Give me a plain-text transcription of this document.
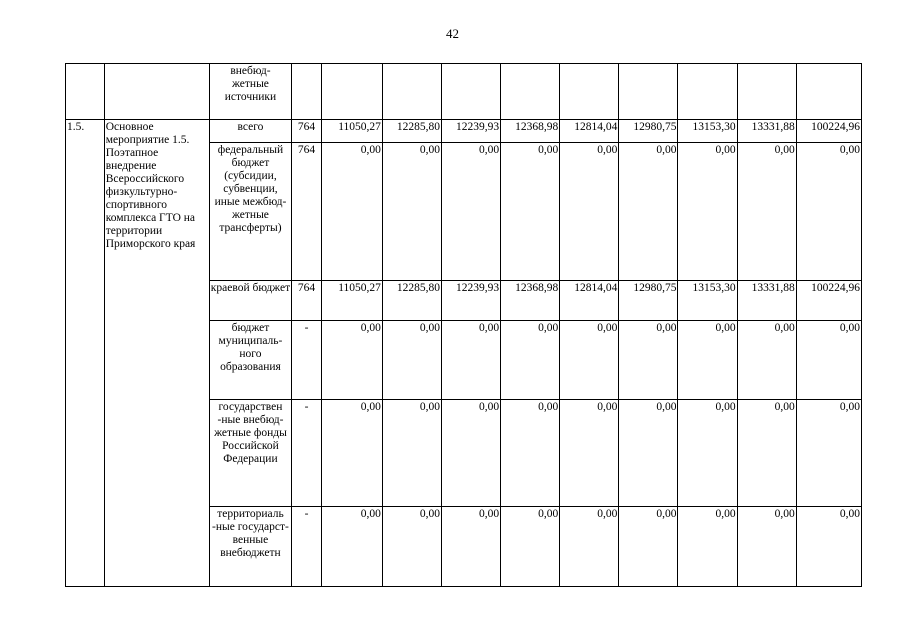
42
		внебюд-
жетные
источники										
1.5.	Основное мероприятие 1.5. Поэтапное внедрение Всероссийского физкультурно-спортивного комплекса ГТО на территории Приморского края	всего	764	11050,27	12285,80	12239,93	12368,98	12814,04	12980,75	13153,30	13331,88	100224,96
		федеральный бюджет (субсидии, субвенции, иные межбюд-жетные трансферты)	764	0,00	0,00	0,00	0,00	0,00	0,00	0,00	0,00	0,00
		краевой бюджет	764	11050,27	12285,80	12239,93	12368,98	12814,04	12980,75	13153,30	13331,88	100224,96
		бюджет муниципаль-ного образования	-	0,00	0,00	0,00	0,00	0,00	0,00	0,00	0,00	0,00
		государствен -ные внебюд-жетные фонды Российской Федерации	-	0,00	0,00	0,00	0,00	0,00	0,00	0,00	0,00	0,00
		территориаль -ные государст-венные внебюджетн	-	0,00	0,00	0,00	0,00	0,00	0,00	0,00	0,00	0,00
